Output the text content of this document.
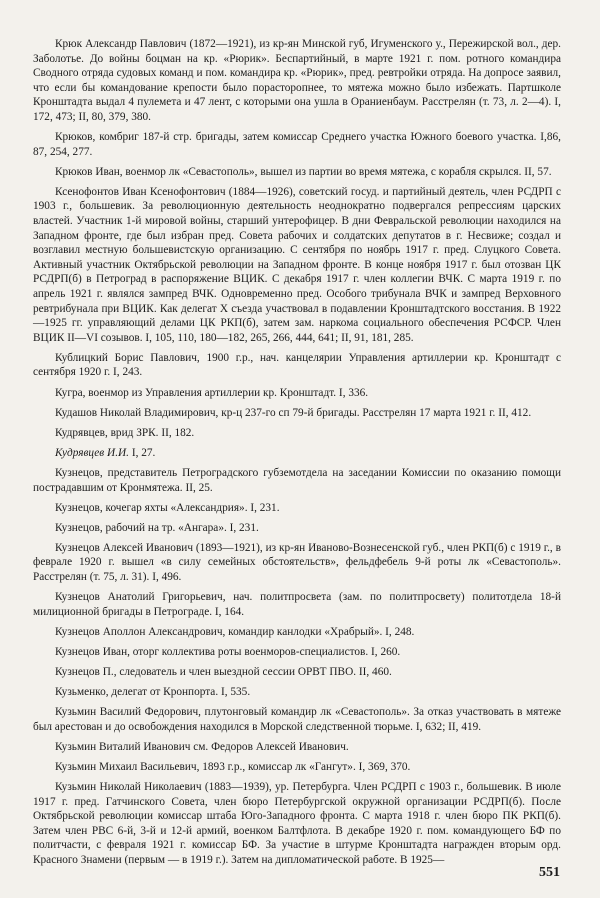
Крюк Александр Павлович (1872—1921), из кр-ян Минской губ, Игуменского у., Пережирской вол., дер. Заболотье. До войны боцман на кр. «Рюрик». Беспартийный, в марте 1921 г. пом. ротного командира Сводного отряда судовых команд и пом. командира кр. «Рюрик», пред. ревтройки отряда. На допросе заявил, что если бы командование крепости было порасторопнее, то мятежа можно было избежать. Партшколе Кронштадта выдал 4 пулемета и 47 лент, с которыми она ушла в Ораниенбаум. Расстрелян (т. 73, л. 2—4). I, 172, 473; II, 80, 379, 380.

Крюков, комбриг 187-й стр. бригады, затем комиссар Среднего участка Южного боевого участка. I,86, 87, 254, 277.

Крюков Иван, военмор лк «Севастополь», вышел из партии во время мятежа, с корабля скрылся. II, 57.

Ксенофонтов Иван Ксенофонтович (1884—1926), советский госуд. и партийный деятель, член РСДРП с 1903 г., большевик. За революционную деятельность неоднократно подвергался репрессиям царских властей. Участник 1-й мировой войны, старший унтерофицер. В дни Февральской революции находился на Западном фронте, где был избран пред. Совета рабочих и солдатских депутатов в г. Несвиже; создал и возглавил местную большевистскую организацию. С сентября по ноябрь 1917 г. пред. Слуцкого Совета. Активный участник Октябрьской революции на Западном фронте. В конце ноября 1917 г. был отозван ЦК РСДРП(б) в Петроград в распоряжение ВЦИК. С декабря 1917 г. член коллегии ВЧК. С марта 1919 г. по апрель 1921 г. являлся зампред ВЧК. Одновременно пред. Особого трибунала ВЧК и зампред Верховного ревтрибунала при ВЦИК. Как делегат X съезда участвовал в подавлении Кронштадтского восстания. В 1922—1925 гг. управляющий делами ЦК РКП(б), затем зам. наркома социального обеспечения РСФСР. Член ВЦИК II—VI созывов. I, 105, 110, 180—182, 265, 266, 444, 641; II, 91, 181, 285.

Кублицкий Борис Павлович, 1900 г.р., нач. канцелярии Управления артиллерии кр. Кронштадт с сентября 1920 г. I, 243.

Кугра, военмор из Управления артиллерии кр. Кронштадт. I, 336.

Кудашов Николай Владимирович, кр-ц 237-го сп 79-й бригады. Расстрелян 17 марта 1921 г. II, 412.

Кудрявцев, врид ЗРК. II, 182.

Кудрявцев И.И. I, 27.

Кузнецов, представитель Петроградского губземотдела на заседании Комиссии по оказанию помощи пострадавшим от Кронмятежа. II, 25.

Кузнецов, кочегар яхты «Александрия». I, 231.

Кузнецов, рабочий на тр. «Ангара». I, 231.

Кузнецов Алексей Иванович (1893—1921), из кр-ян Иваново-Вознесенской губ., член РКП(б) с 1919 г., в феврале 1920 г. вышел «в силу семейных обстоятельств», фельдфебель 9-й роты лк «Севастополь». Расстрелян (т. 75, л. 31). I, 496.

Кузнецов Анатолий Григорьевич, нач. политпросвета (зам. по политпросвету) политотдела 18-й милиционной бригады в Петрограде. I, 164.

Кузнецов Аполлон Александрович, командир канлодки «Храбрый». I, 248.

Кузнецов Иван, оторг коллектива роты военморов-специалистов. I, 260.

Кузнецов П., следователь и член выездной сессии ОРВТ ПВО. II, 460.

Кузьменко, делегат от Кронпорта. I, 535.

Кузьмин Василий Федорович, плутонговый командир лк «Севастополь». За отказ участвовать в мятеже был арестован и до освобождения находился в Морской следственной тюрьме. I, 632; II, 419.

Кузьмин Виталий Иванович см. Федоров Алексей Иванович.

Кузьмин Михаил Васильевич, 1893 г.р., комиссар лк «Гангут». I, 369, 370.

Кузьмин Николай Николаевич (1883—1939), ур. Петербурга. Член РСДРП с 1903 г., большевик. В июле 1917 г. пред. Гатчинского Совета, член бюро Петербургской окружной организации РСДРП(б). После Октябрьской революции комиссар штаба Юго-Западного фронта. С марта 1918 г. член бюро ПК РКП(б). Затем член РВС 6-й, 3-й и 12-й армий, военком Балтфлота. В декабре 1920 г. пом. командующего БФ по политчасти, с февраля 1921 г. комиссар БФ. За участие в штурме Кронштадта награжден вторым орд. Красного Знамени (первым — в 1919 г.). Затем на дипломатической работе. В 1925—

551
